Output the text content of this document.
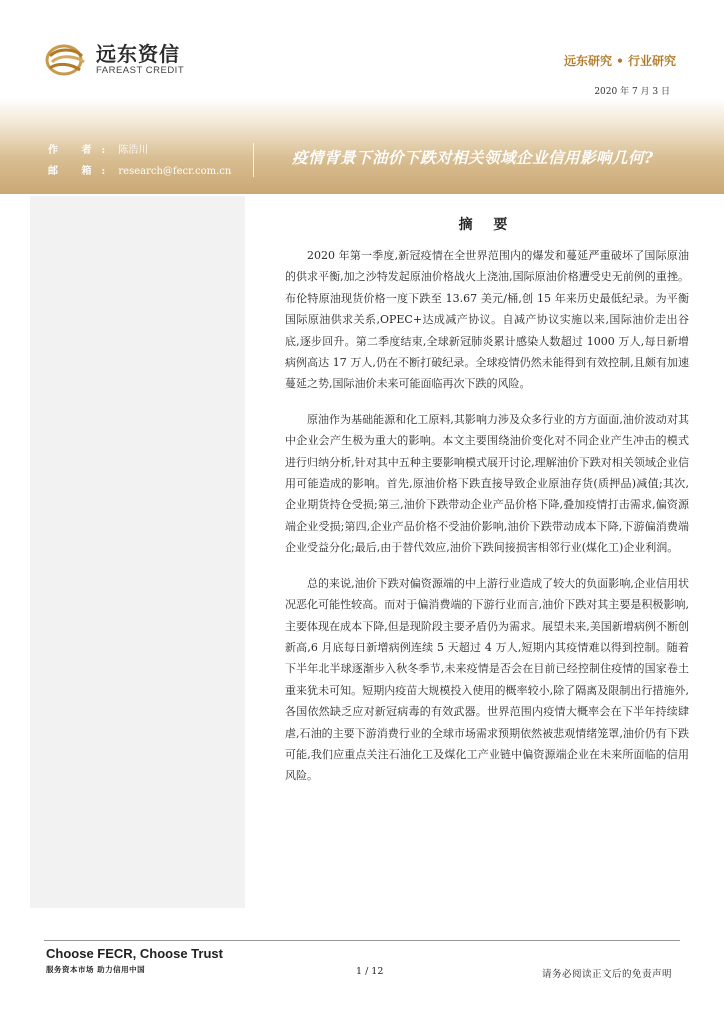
远东资信
FAREAST CREDIT
远东研究 • 行业研究
2020 年 7 月 3 日
作 者: 陈浩川
邮 箱: research@fecr.com.cn
疫情背景下油价下跌对相关领域企业信用影响几何?
摘 要

2020 年第一季度,新冠疫情在全世界范围内的爆发和蔓延严重破坏了国际原油的供求平衡,加之沙特发起原油价格战火上浇油,国际原油价格遭受史无前例的重挫。布伦特原油现货价格一度下跌至 13.67 美元/桶,创 15 年来历史最低纪录。为平衡国际原油供求关系,OPEC+达成减产协议。自减产协议实施以来,国际油价走出谷底,逐步回升。第二季度结束,全球新冠肺炎累计感染人数超过 1000 万人,每日新增病例高达 17 万人,仍在不断打破纪录。全球疫情仍然未能得到有效控制,且颇有加速蔓延之势,国际油价未来可能面临再次下跌的风险。

原油作为基础能源和化工原料,其影响力涉及众多行业的方方面面,油价波动对其中企业会产生极为重大的影响。本文主要围绕油价变化对不同企业产生冲击的模式进行归纳分析,针对其中五种主要影响模式展开讨论,理解油价下跌对相关领域企业信用可能造成的影响。首先,原油价格下跌直接导致企业原油存货(质押品)减值;其次,企业期货持仓受损;第三,油价下跌带动企业产品价格下降,叠加疫情打击需求,偏资源端企业受损;第四,企业产品价格不受油价影响,油价下跌带动成本下降,下游偏消费端企业受益分化;最后,由于替代效应,油价下跌间接损害相邻行业(煤化工)企业利润。

总的来说,油价下跌对偏资源端的中上游行业造成了较大的负面影响,企业信用状况恶化可能性较高。而对于偏消费端的下游行业而言,油价下跌对其主要是积极影响,主要体现在成本下降,但是现阶段主要矛盾仍为需求。展望未来,美国新增病例不断创新高,6 月底每日新增病例连续 5 天超过 4 万人,短期内其疫情难以得到控制。随着下半年北半球逐渐步入秋冬季节,未来疫情是否会在目前已经控制住疫情的国家卷土重来犹未可知。短期内疫苗大规模投入使用的概率较小,除了隔离及限制出行措施外,各国依然缺乏应对新冠病毒的有效武器。世界范围内疫情大概率会在下半年持续肆虐,石油的主要下游消费行业的全球市场需求预期依然被悲观情绪笼罩,油价仍有下跌可能,我们应重点关注石油化工及煤化工产业链中偏资源端企业在未来所面临的信用风险。

Choose FECR, Choose Trust
服务资本市场 助力信用中国	1 / 12	请务必阅读正文后的免责声明
